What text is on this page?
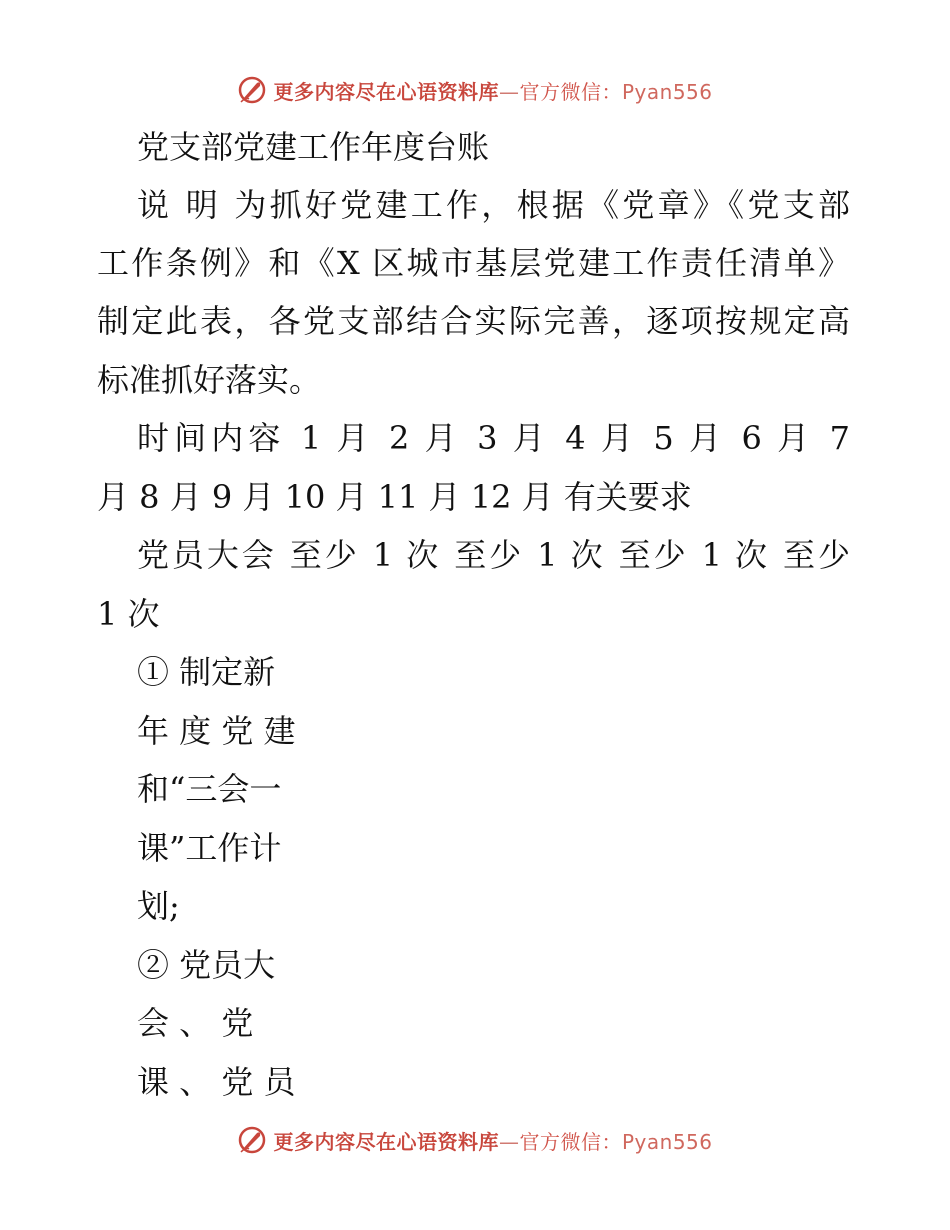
更多内容尽在心语资料库—官方微信：Pyan556
党支部党建工作年度台账
说 明 为抓好党建工作，根据《党章》《党支部
工作条例》和《X 区城市基层党建工作责任清单》
制定此表，各党支部结合实际完善，逐项按规定高
标准抓好落实。
时间内容 1 月 2 月 3 月 4 月 5 月 6 月 7
月 8 月 9 月 10 月 11 月 12 月 有关要求
党员大会 至少 1 次 至少 1 次 至少 1 次 至少
1 次
① 制定新
年 度 党 建
和“三会一
课”工作计
划;
② 党员大
会 、 党
课 、 党 员
更多内容尽在心语资料库—官方微信：Pyan556
